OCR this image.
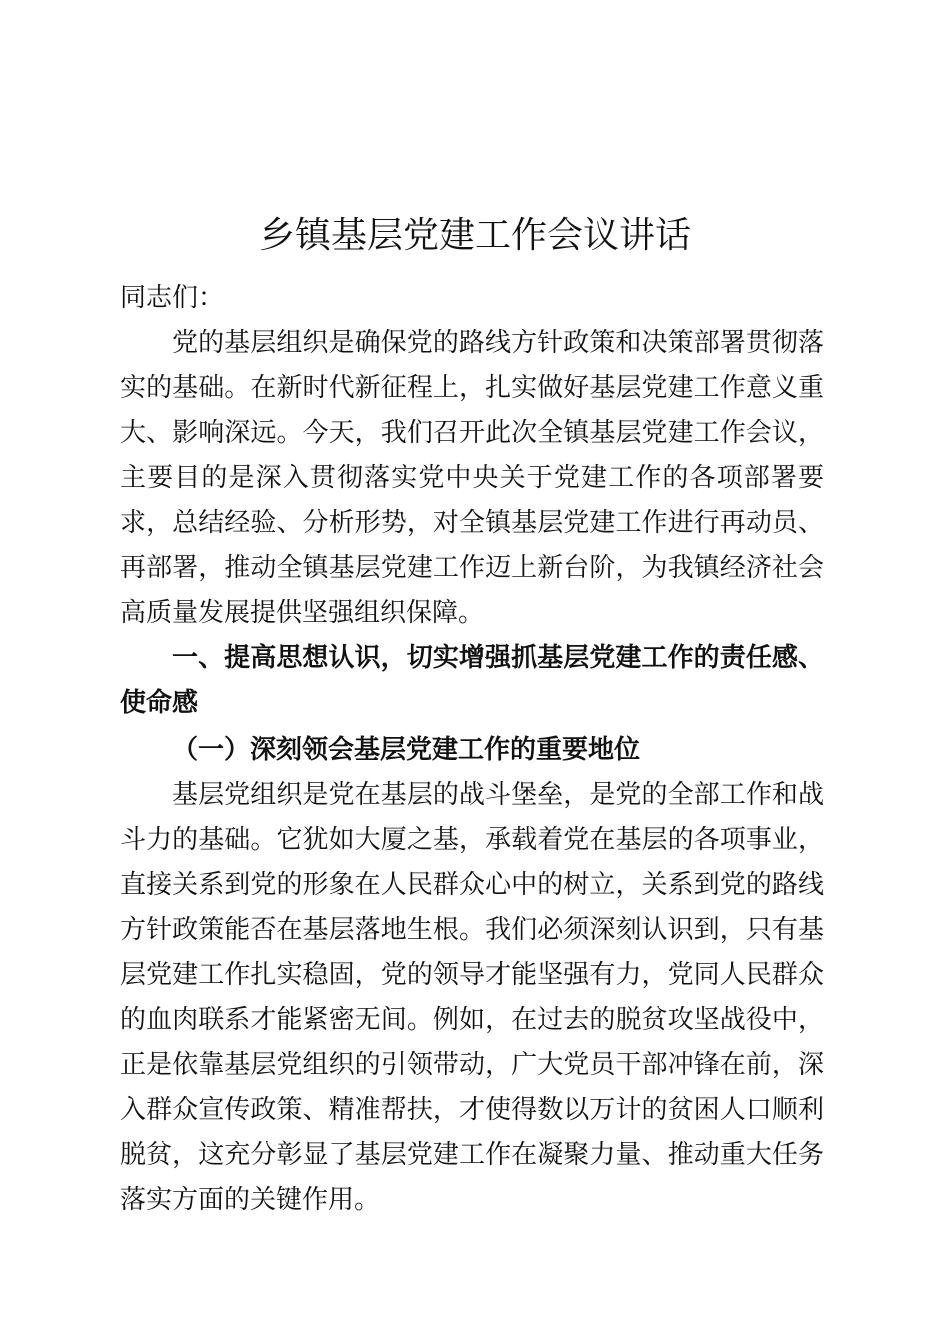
乡镇基层党建工作会议讲话

同志们：

党的基层组织是确保党的路线方针政策和决策部署贯彻落实的基础。在新时代新征程上，扎实做好基层党建工作意义重大、影响深远。今天，我们召开此次全镇基层党建工作会议，主要目的是深入贯彻落实党中央关于党建工作的各项部署要求，总结经验、分析形势，对全镇基层党建工作进行再动员、再部署，推动全镇基层党建工作迈上新台阶，为我镇经济社会高质量发展提供坚强组织保障。

一、提高思想认识，切实增强抓基层党建工作的责任感、使命感

（一）深刻领会基层党建工作的重要地位

基层党组织是党在基层的战斗堡垒，是党的全部工作和战斗力的基础。它犹如大厦之基，承载着党在基层的各项事业，直接关系到党的形象在人民群众心中的树立，关系到党的路线方针政策能否在基层落地生根。我们必须深刻认识到，只有基层党建工作扎实稳固，党的领导才能坚强有力，党同人民群众的血肉联系才能紧密无间。例如，在过去的脱贫攻坚战役中，正是依靠基层党组织的引领带动，广大党员干部冲锋在前，深入群众宣传政策、精准帮扶，才使得数以万计的贫困人口顺利脱贫，这充分彰显了基层党建工作在凝聚力量、推动重大任务落实方面的关键作用。
